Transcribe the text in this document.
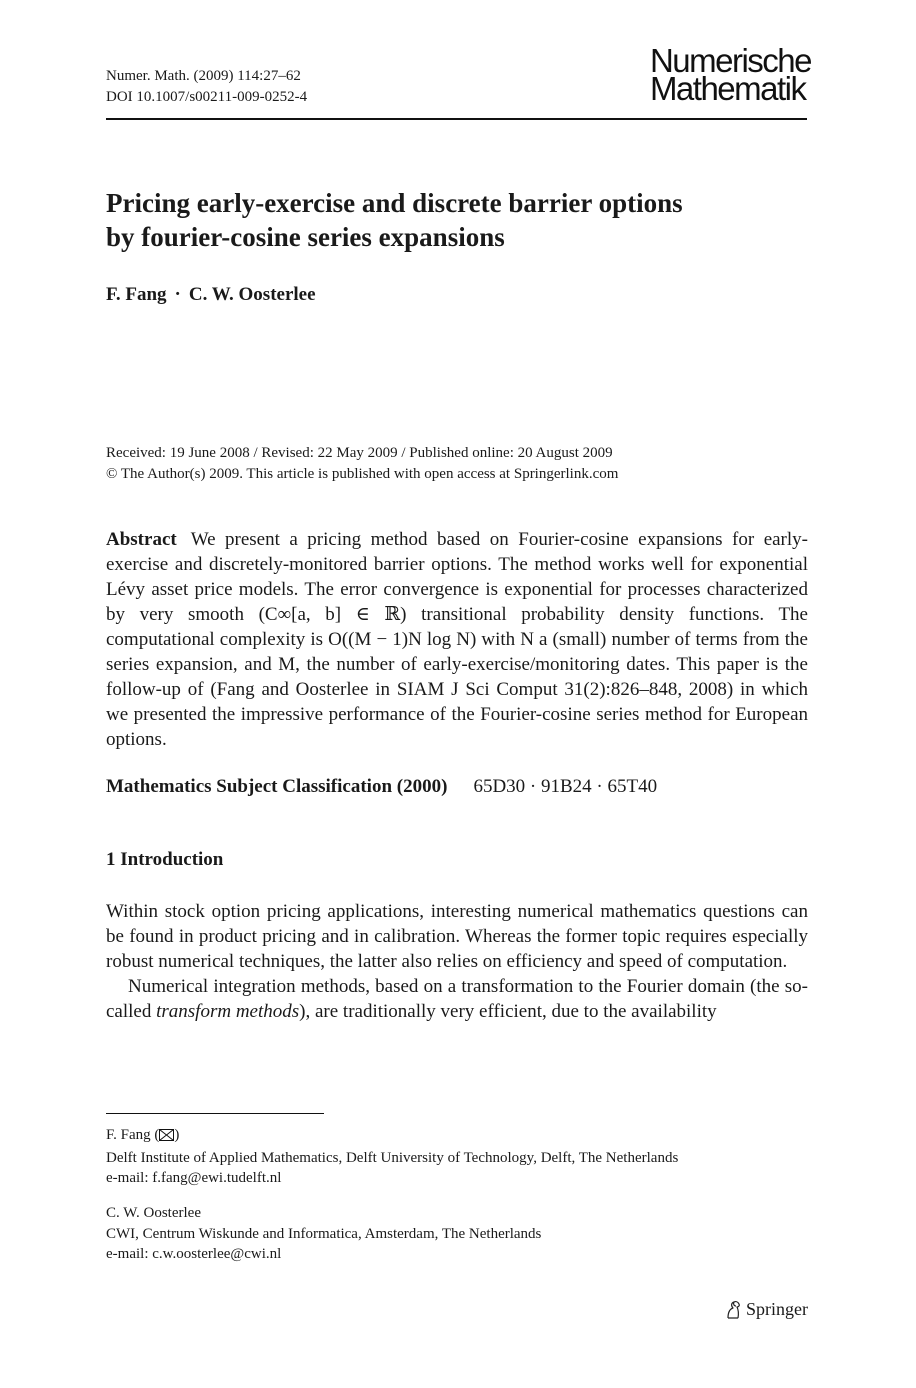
Numer. Math. (2009) 114:27–62
DOI 10.1007/s00211-009-0252-4
Numerische
Mathematik
Pricing early-exercise and discrete barrier options
by fourier-cosine series expansions
F. Fang · C. W. Oosterlee
Received: 19 June 2008 / Revised: 22 May 2009 / Published online: 20 August 2009
© The Author(s) 2009. This article is published with open access at Springerlink.com
Abstract We present a pricing method based on Fourier-cosine expansions for early-exercise and discretely-monitored barrier options. The method works well for exponential Lévy asset price models. The error convergence is exponential for processes characterized by very smooth (C∞[a, b] ∈ ℝ) transitional probability density functions. The computational complexity is O((M − 1)N log N) with N a (small) number of terms from the series expansion, and M, the number of early-exercise/monitoring dates. This paper is the follow-up of (Fang and Oosterlee in SIAM J Sci Comput 31(2):826–848, 2008) in which we presented the impressive performance of the Fourier-cosine series method for European options.
Mathematics Subject Classification (2000) 65D30 · 91B24 · 65T40
1 Introduction

Within stock option pricing applications, interesting numerical mathematics questions can be found in product pricing and in calibration. Whereas the former topic requires especially robust numerical techniques, the latter also relies on efficiency and speed of computation.

Numerical integration methods, based on a transformation to the Fourier domain (the so-called transform methods), are traditionally very efficient, due to the availability

F. Fang ( )
Delft Institute of Applied Mathematics, Delft University of Technology, Delft, The Netherlands
e-mail: f.fang@ewi.tudelft.nl
C. W. Oosterlee
CWI, Centrum Wiskunde and Informatica, Amsterdam, The Netherlands
e-mail: c.w.oosterlee@cwi.nl
Springer
